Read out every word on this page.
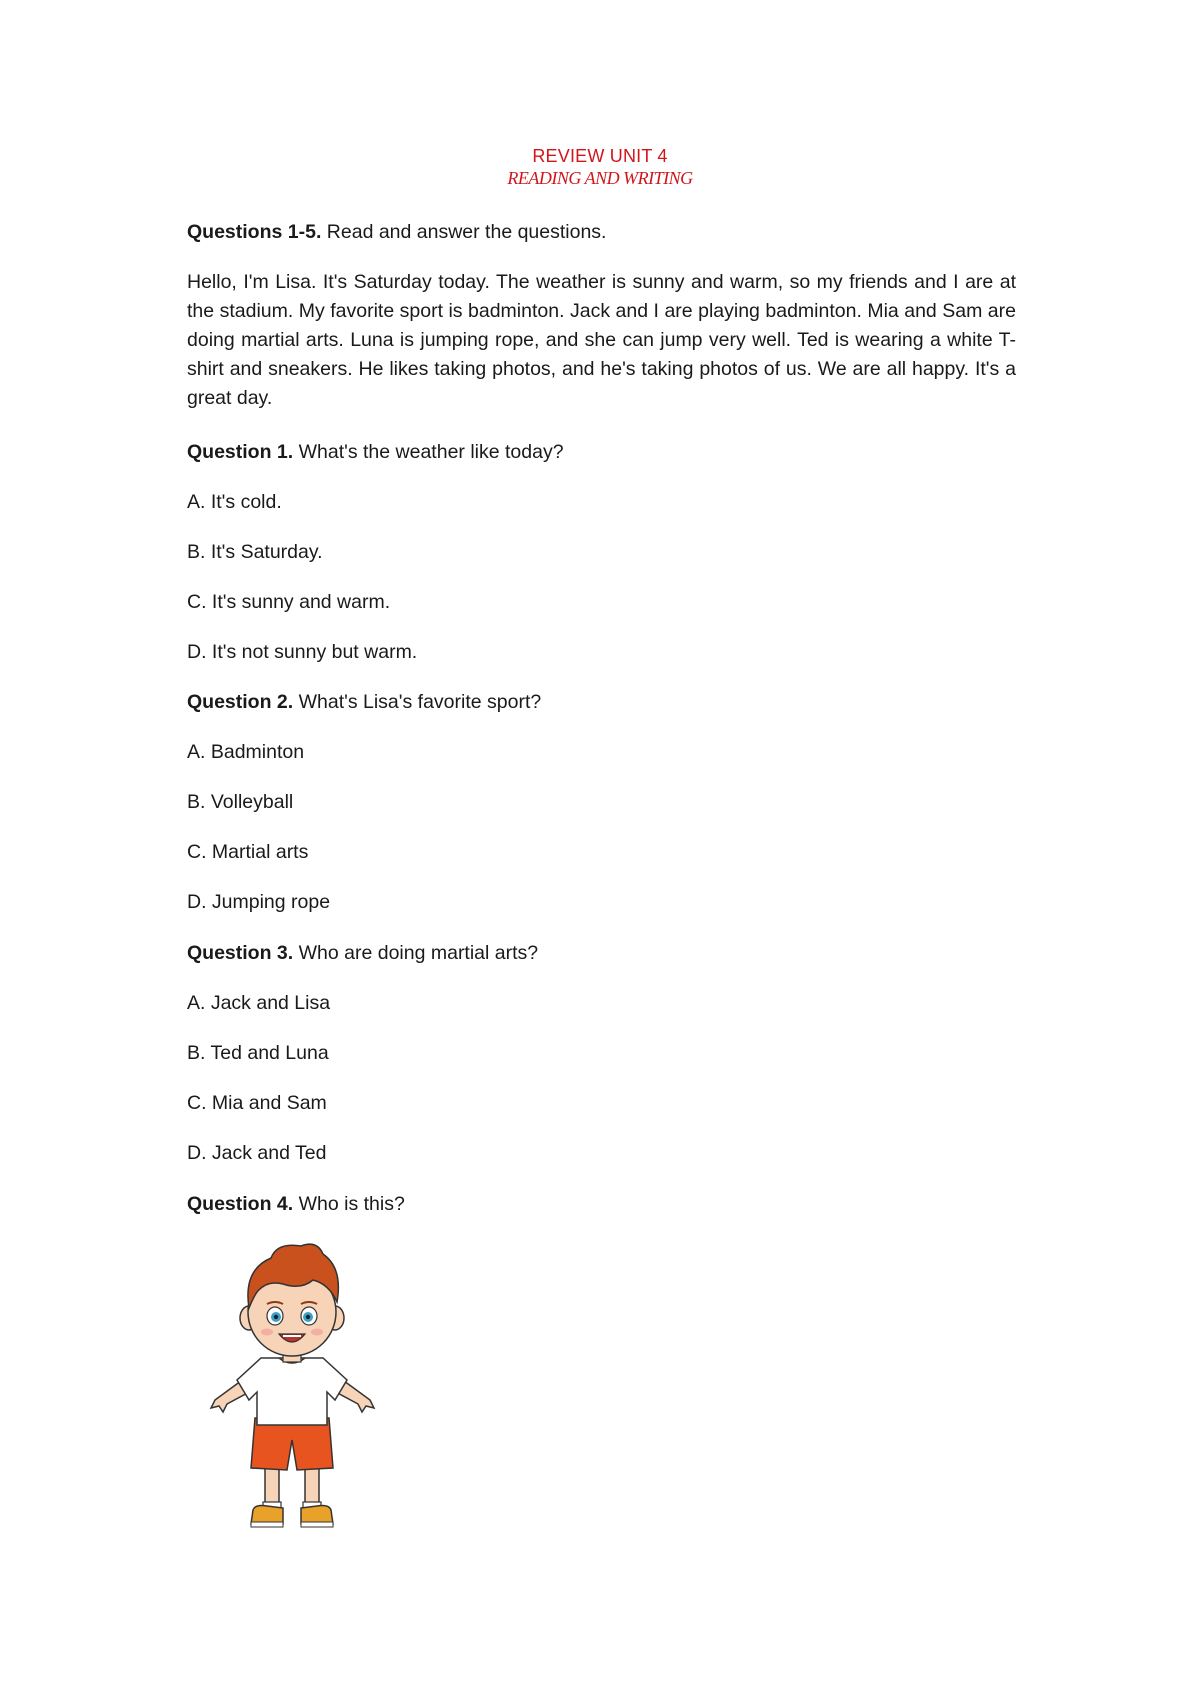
REVIEW UNIT 4
READING AND WRITING
Questions 1-5. Read and answer the questions.
Hello, I'm Lisa. It's Saturday today. The weather is sunny and warm, so my friends and I are at the stadium. My favorite sport is badminton. Jack and I are playing badminton. Mia and Sam are doing martial arts. Luna is jumping rope, and she can jump very well. Ted is wearing a white T-shirt and sneakers. He likes taking photos, and he's taking photos of us. We are all happy. It's a great day.
Question 1. What's the weather like today?
A. It's cold.
B. It's Saturday.
C. It's sunny and warm.
D. It's not sunny but warm.
Question 2. What's Lisa's favorite sport?
A. Badminton
B. Volleyball
C. Martial arts
D. Jumping rope
Question 3. Who are doing martial arts?
A. Jack and Lisa
B. Ted and Luna
C. Mia and Sam
D. Jack and Ted
Question 4. Who is this?
